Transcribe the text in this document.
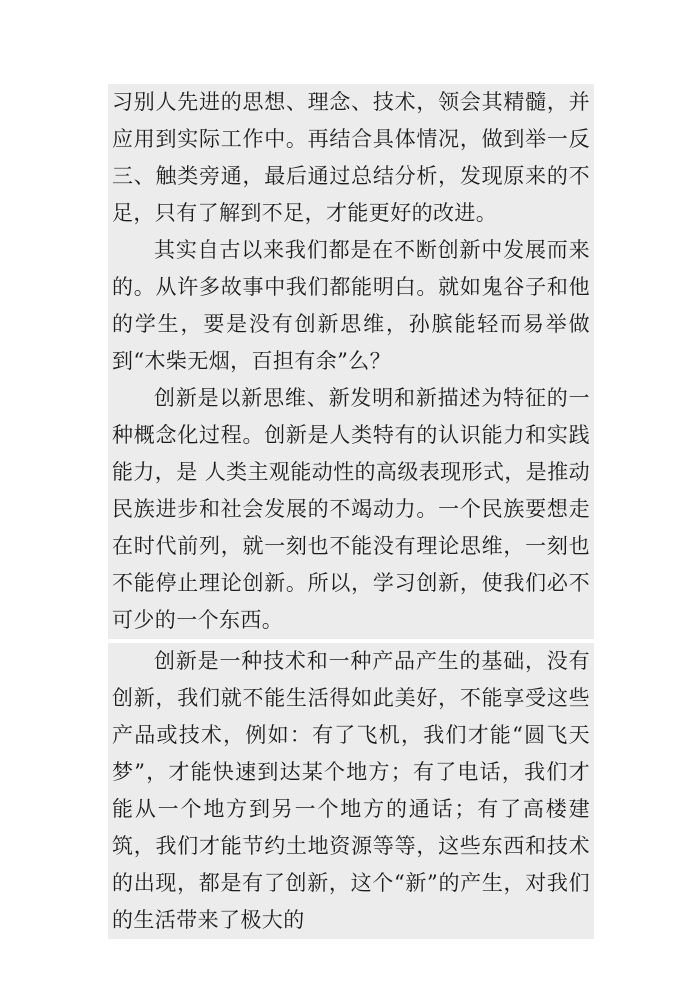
习别人先进的思想、理念、技术，领会其精髓，并应用到实际工作中。再结合具体情况，做到举一反三、触类旁通，最后通过总结分析，发现原来的不足，只有了解到不足，才能更好的改进。

其实自古以来我们都是在不断创新中发展而来的。从许多故事中我们都能明白。就如鬼谷子和他的学生，要是没有创新思维，孙膑能轻而易举做到“木柴无烟，百担有余”么？

创新是以新思维、新发明和新描述为特征的一种概念化过程。创新是人类特有的认识能力和实践能力，是 人类主观能动性的高级表现形式，是推动民族进步和社会发展的不竭动力。一个民族要想走在时代前列，就一刻也不能没有理论思维，一刻也不能停止理论创新。所以，学习创新，使我们必不可少的一个东西。

创新是一种技术和一种产品产生的基础，没有创新，我们就不能生活得如此美好，不能享受这些产品或技术，例如：有了飞机，我们才能“圆飞天梦”，才能快速到达某个地方；有了电话，我们才能从一个地方到另一个地方的通话；有了高楼建筑，我们才能节约土地资源等等，这些东西和技术的出现，都是有了创新，这个“新”的产生，对我们的生活带来了极大的
